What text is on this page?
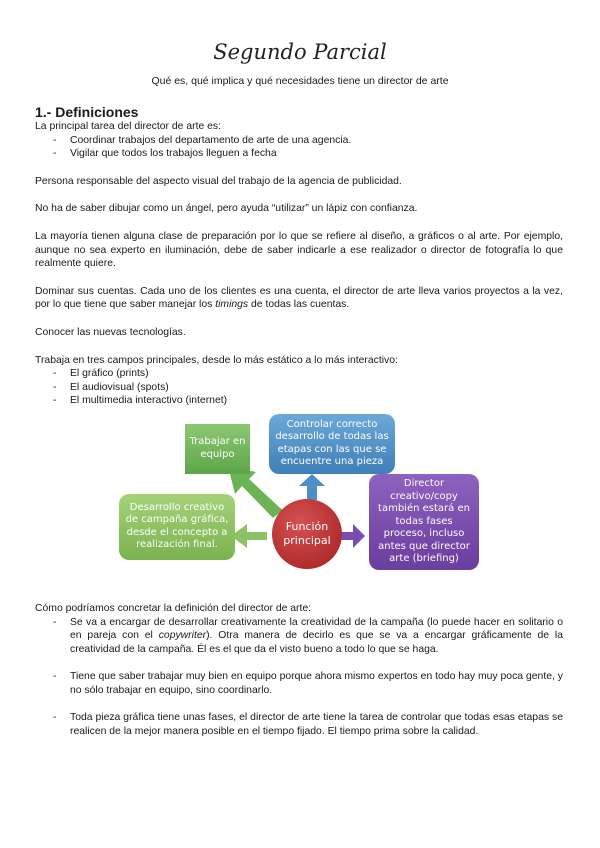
Segundo Parcial
Qué es, qué implica y qué necesidades tiene un director de arte

1.- Definiciones

La principal tarea del director de arte es:

- Coordinar trabajos del departamento de arte de una agencia.
- Vigilar que todos los trabajos lleguen a fecha

Persona responsable del aspecto visual del trabajo de la agencia de publicidad.

No ha de saber dibujar como un ángel, pero ayuda “utilizar” un lápiz con confianza.

La mayoría tienen alguna clase de preparación por lo que se refiere al diseño, a gráficos o al arte. Por ejemplo, aunque no sea experto en iluminación, debe de saber indicarle a ese realizador o director de fotografía lo que realmente quiere.

Dominar sus cuentas. Cada uno de los clientes es una cuenta, el director de arte lleva varios proyectos a la vez, por lo que tiene que saber manejar los timings de todas las cuentas.

Conocer las nuevas tecnologías.

Trabaja en tres campos principales, desde lo más estático a lo más interactivo:

- El gráfico (prints)
- El audiovisual (spots)
- El multimedia interactivo (internet)
Trabajar en equipo
Controlar correcto desarrollo de todas las etapas con las que se encuentre una pieza
Desarrollo creativo de campaña gráfica, desde el concepto a realización final.
Director creativo/copy también estará en todas fases proceso, incluso antes que director arte (briefing)
Función principal

Cómo podríamos concretar la definición del director de arte:

- Se va a encargar de desarrollar creativamente la creatividad de la campaña (lo puede hacer en solitario o en pareja con el copywriter). Otra manera de decirlo es que se va a encargar gráficamente de la creatividad de la campaña. Él es el que da el visto bueno a todo lo que se haga.
- Tiene que saber trabajar muy bien en equipo porque ahora mismo expertos en todo hay muy poca gente, y no sólo trabajar en equipo, sino coordinarlo.
- Toda pieza gráfica tiene unas fases, el director de arte tiene la tarea de controlar que todas esas etapas se realicen de la mejor manera posible en el tiempo fijado. El tiempo prima sobre la calidad.
